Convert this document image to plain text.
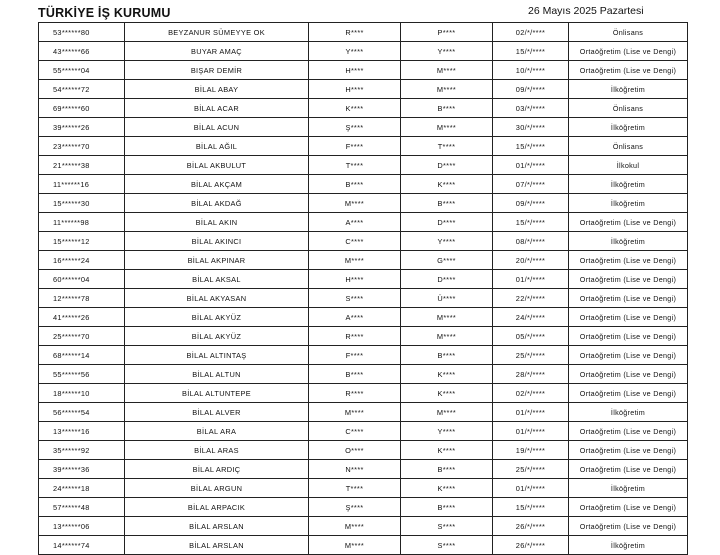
TÜRKİYE İŞ KURUMU	26 Mayıs 2025 Pazartesi
53******80	BEYZANUR SÜMEYYE OK	R****	P****	02/*/****	Önlisans
43******66	BUYAR AMAÇ	Y****	Y****	15/*/****	Ortaöğretim (Lise ve Dengi)
55******04	BIŞAR DEMİR	H****	M****	10/*/****	Ortaöğretim (Lise ve Dengi)
54******72	BİLAL ABAY	H****	M****	09/*/****	İlköğretim
69******60	BİLAL ACAR	K****	B****	03/*/****	Önlisans
39******26	BİLAL ACUN	Ş****	M****	30/*/****	İlköğretim
23******70	BİLAL AĞIL	F****	T****	15/*/****	Önlisans
21******38	BİLAL AKBULUT	T****	D****	01/*/****	İlkokul
11******16	BİLAL AKÇAM	B****	K****	07/*/****	İlköğretim
15******30	BİLAL AKDAĞ	M****	B****	09/*/****	İlköğretim
11******98	BİLAL AKIN	A****	D****	15/*/****	Ortaöğretim (Lise ve Dengi)
15******12	BİLAL AKINCI	C****	Y****	08/*/****	İlköğretim
16******24	BİLAL AKPINAR	M****	G****	20/*/****	Ortaöğretim (Lise ve Dengi)
60******04	BİLAL AKSAL	H****	D****	01/*/****	Ortaöğretim (Lise ve Dengi)
12******78	BİLAL AKYASAN	S****	Ü****	22/*/****	Ortaöğretim (Lise ve Dengi)
41******26	BİLAL AKYÜZ	A****	M****	24/*/****	Ortaöğretim (Lise ve Dengi)
25******70	BİLAL AKYÜZ	R****	M****	05/*/****	Ortaöğretim (Lise ve Dengi)
68******14	BİLAL ALTINTAŞ	F****	B****	25/*/****	Ortaöğretim (Lise ve Dengi)
55******56	BİLAL ALTUN	B****	K****	28/*/****	Ortaöğretim (Lise ve Dengi)
18******10	BİLAL ALTUNTEPE	R****	K****	02/*/****	Ortaöğretim (Lise ve Dengi)
56******54	BİLAL ALVER	M****	M****	01/*/****	İlköğretim
13******16	BİLAL ARA	C****	Y****	01/*/****	Ortaöğretim (Lise ve Dengi)
35******92	BİLAL ARAS	O****	K****	19/*/****	Ortaöğretim (Lise ve Dengi)
39******36	BİLAL ARDIÇ	N****	B****	25/*/****	Ortaöğretim (Lise ve Dengi)
24******18	BİLAL ARGUN	T****	K****	01/*/****	İlköğretim
57******48	BİLAL ARPACIK	Ş****	B****	15/*/****	Ortaöğretim (Lise ve Dengi)
13******06	BİLAL ARSLAN	M****	S****	26/*/****	Ortaöğretim (Lise ve Dengi)
14******74	BİLAL ARSLAN	M****	S****	26/*/****	İlköğretim
